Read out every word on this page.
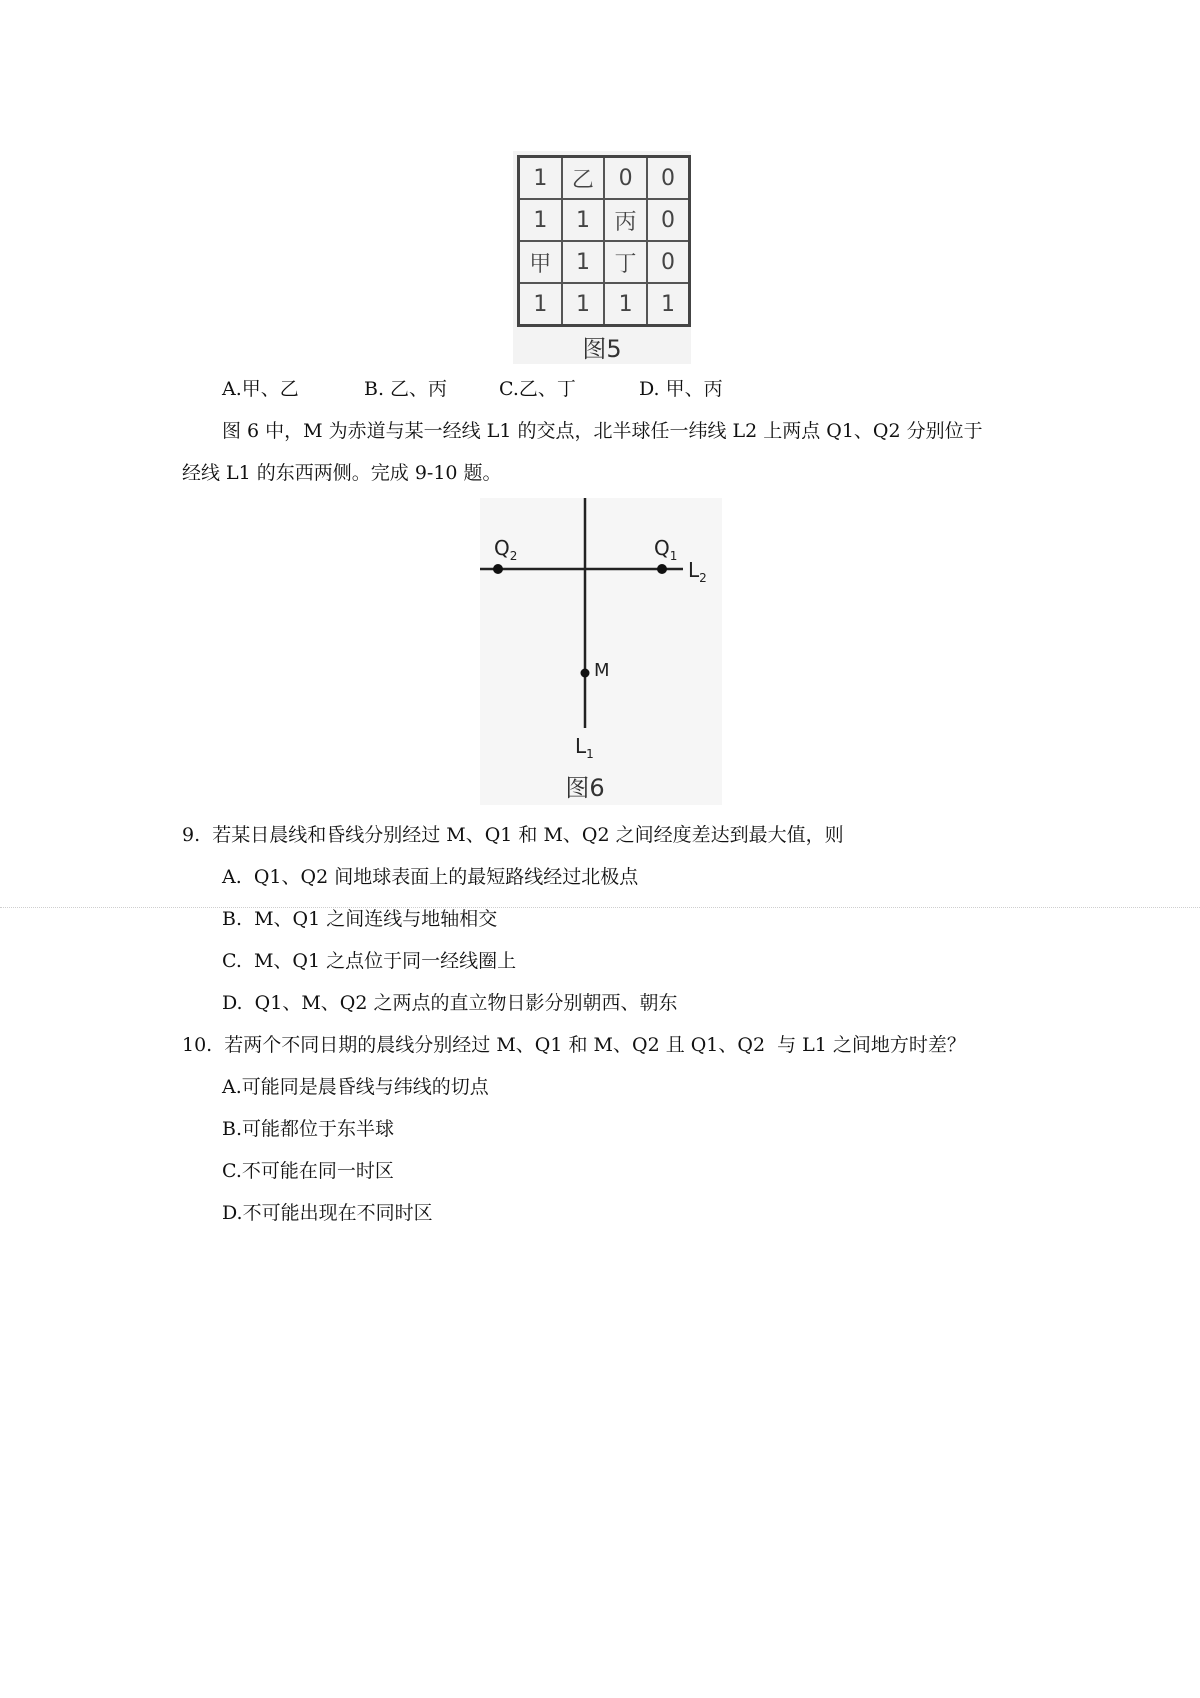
1	乙	0	0
1	1	丙	0
甲	1	丁	0
1	1	1	1
图5
A.甲、乙	B. 乙、丙	C.乙、丁	D. 甲、丙
图 6 中，M 为赤道与某一经线 L1 的交点，北半球任一纬线 L2 上两点 Q1、Q2 分别位于
经线 L1 的东西两侧。完成 9-10 题。
$Q_2$	$Q_1$
$L_2$
M
$L_1$
图6
9.  若某日晨线和昏线分别经过 M、Q1 和 M、Q2 之间经度差达到最大值，则
A.  Q1、Q2 间地球表面上的最短路线经过北极点
B.  M、Q1 之间连线与地轴相交
C.  M、Q1 之点位于同一经线圈上
D.  Q1、M、Q2 之两点的直立物日影分别朝西、朝东
10.  若两个不同日期的晨线分别经过 M、Q1 和 M、Q2 且 Q1、Q2  与 L1 之间地方时差？
A.可能同是晨昏线与纬线的切点
B.可能都位于东半球
C.不可能在同一时区
D.不可能出现在不同时区
